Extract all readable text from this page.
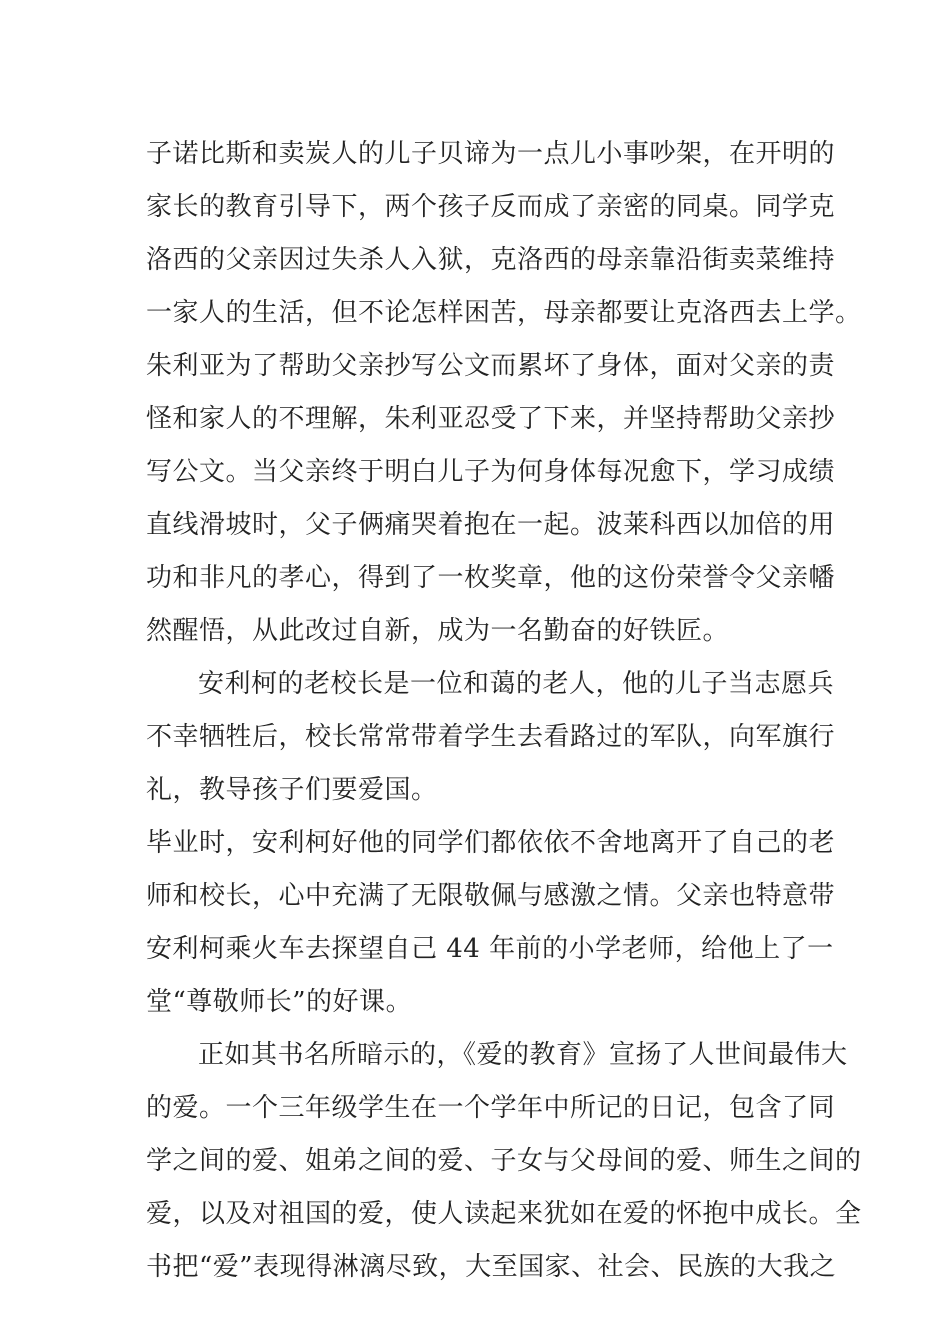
子诺比斯和卖炭人的儿子贝谛为一点儿小事吵架，在开明的
家长的教育引导下，两个孩子反而成了亲密的同桌。同学克
洛西的父亲因过失杀人入狱，克洛西的母亲靠沿街卖菜维持
一家人的生活，但不论怎样困苦，母亲都要让克洛西去上学。
朱利亚为了帮助父亲抄写公文而累坏了身体，面对父亲的责
怪和家人的不理解，朱利亚忍受了下来，并坚持帮助父亲抄
写公文。当父亲终于明白儿子为何身体每况愈下，学习成绩
直线滑坡时，父子俩痛哭着抱在一起。波莱科西以加倍的用
功和非凡的孝心，得到了一枚奖章，他的这份荣誉令父亲幡
然醒悟，从此改过自新，成为一名勤奋的好铁匠。
安利柯的老校长是一位和蔼的老人，他的儿子当志愿兵
不幸牺牲后，校长常常带着学生去看路过的军队，向军旗行
礼，教导孩子们要爱国。
毕业时，安利柯好他的同学们都依依不舍地离开了自己的老
师和校长，心中充满了无限敬佩与感激之情。父亲也特意带
安利柯乘火车去探望自己 44 年前的小学老师，给他上了一
堂“尊敬师长”的好课。
正如其书名所暗示的，《爱的教育》宣扬了人世间最伟大
的爱。一个三年级学生在一个学年中所记的日记，包含了同
学之间的爱、姐弟之间的爱、子女与父母间的爱、师生之间的
爱，以及对祖国的爱，使人读起来犹如在爱的怀抱中成长。全
书把“爱”表现得淋漓尽致，大至国家、社会、民族的大我之
